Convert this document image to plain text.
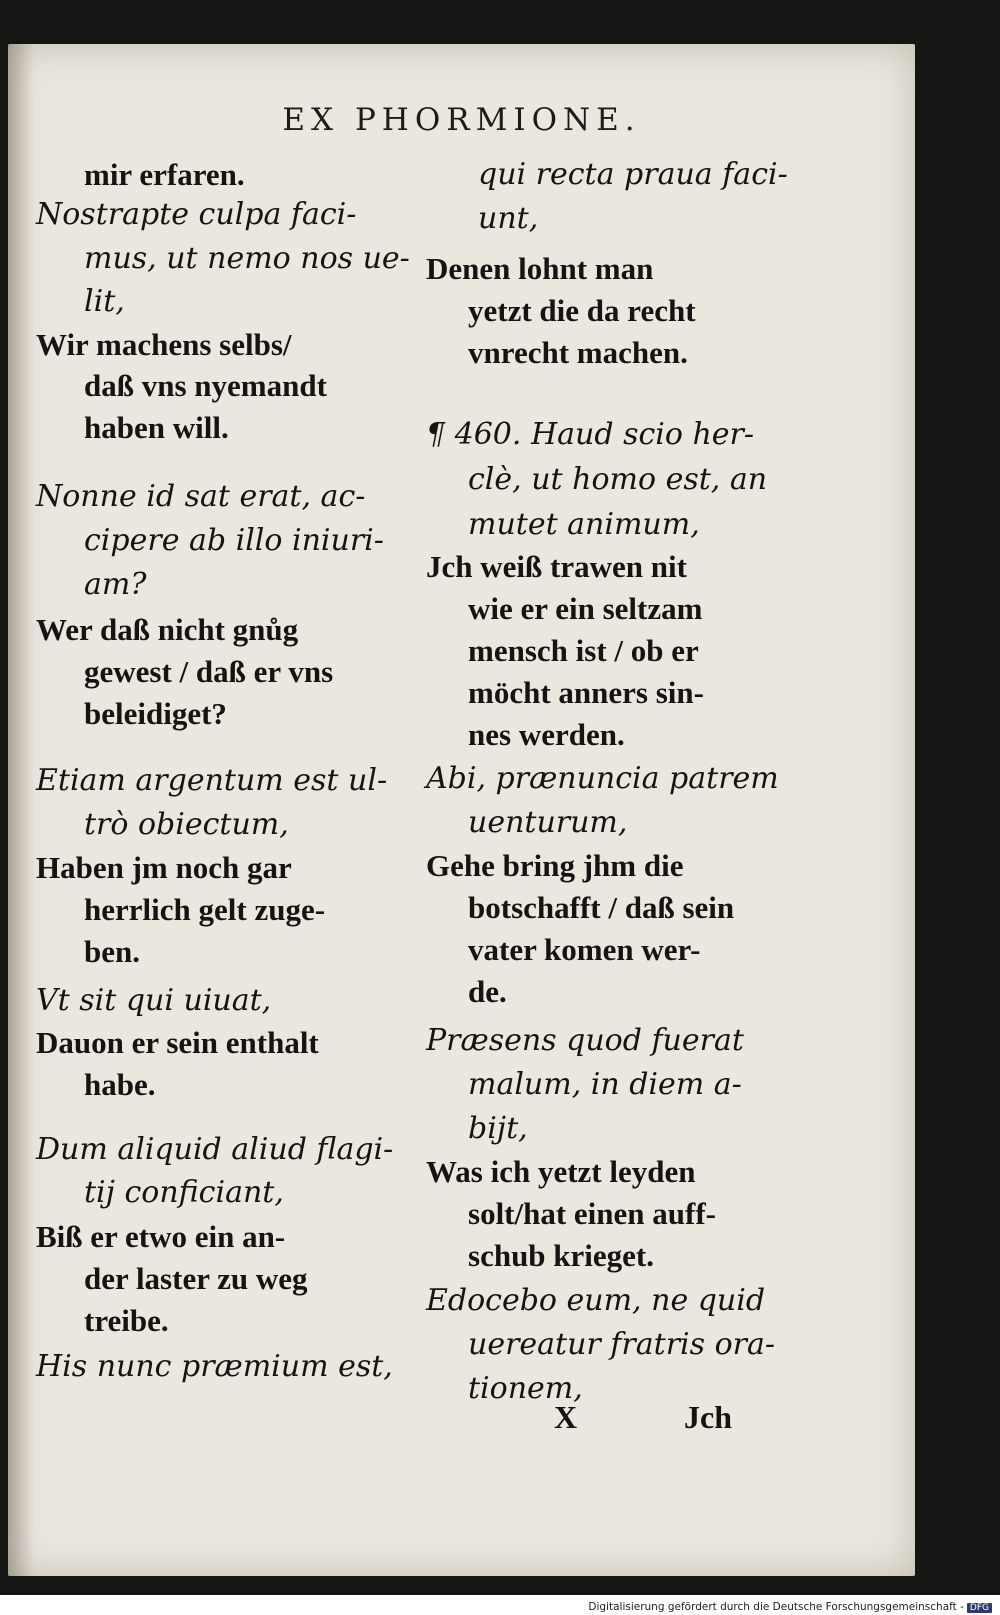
EX PHORMIONE.
mir erfaren.
Nostrapte culpa faci-
mus, ut nemo nos ue-
lit,
Wir machens selbs/
daß vns nyemandt
haben will.
Nonne id sat erat, ac-
cipere ab illo iniuri-
am?
Wer daß nicht gnůg
gewest / daß er vns
beleidiget?
Etiam argentum est ul-
trò obiectum,
Haben jm noch gar
herrlich gelt zuge-
ben.
Vt sit qui uiuat,
Dauon er sein enthalt
habe.
Dum aliquid aliud flagi-
tij conficiant,
Biß er etwo ein an-
der laster zu weg
treibe.
His nunc præmium est,
qui recta praua faci-
unt,
Denen lohnt man
yetzt die da recht
vnrecht machen.
¶ 460. Haud scio her-
clè, ut homo est, an
mutet animum,
Jch weiß trawen nit
wie er ein seltzam
mensch ist / ob er
möcht anners sin-
nes werden.
Abi, prænuncia patrem
uenturum,
Gehe bring jhm die
botschafft / daß sein
vater komen wer-
de.
Præsens quod fuerat
malum, in diem a-
bijt,
Was ich yetzt leyden
solt/hat einen auff-
schub krieget.
Edocebo eum, ne quid
uereatur fratris ora-
tionem,
X	Jch
Digitalisierung gefördert durch die Deutsche Forschungsgemeinschaft - DFG
